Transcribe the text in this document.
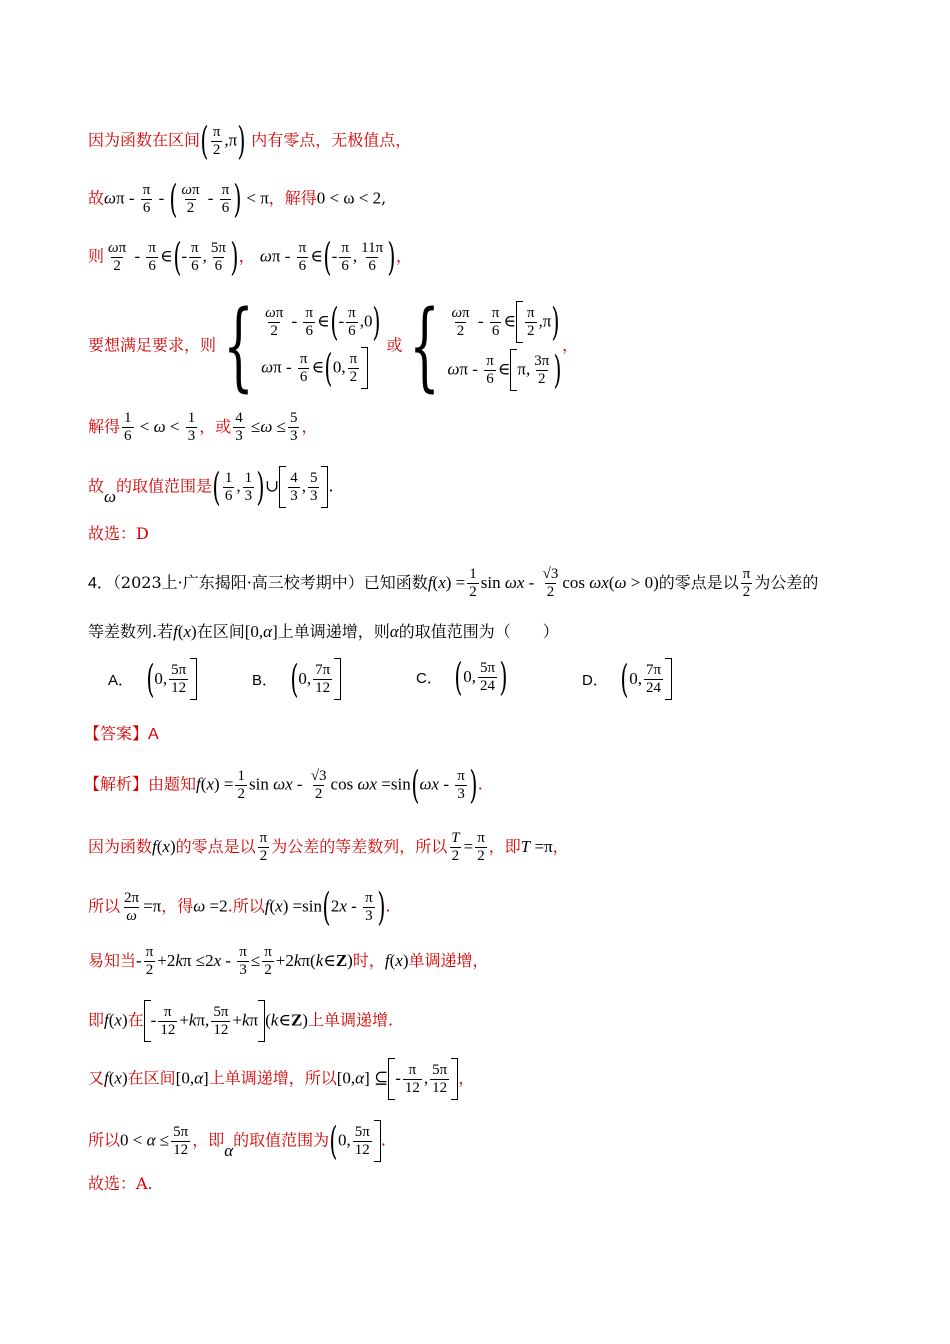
因为函数在区间( $\frac{\pi}{2} ,\pi$) 内有零点，无极值点，
故ωπ - $\frac{\pi}{6}$ - ( $\frac{\omega\pi}{2} - \frac{\pi}{6}$ ) < π，解得0 < ω < 2,
则 $\frac{\omega\pi}{2} - \frac{\pi}{6}$ ∈(- $\frac{\pi}{6}$ , $\frac{5\pi}{6}$ )， ωπ - $\frac{\pi}{6}$ ∈(- $\frac{\pi}{6}$ , $\frac{11\pi}{6}$ )，
要想满足要求，则{ $\frac{\omega\pi}{2} - \frac{\pi}{6}$ ∈(- $\frac{\pi}{6} ,0$)
ωπ - $\frac{\pi}{6}$ ∈(0, $\frac{\pi}{2}$
或{ $\frac{\omega\pi}{2} - \frac{\pi}{6}$ ∈ $\frac{\pi}{2} ,\pi$)
ωπ - $\frac{\pi}{6}$ ∈ π, $\frac{3\pi}{2}$ )
，
解得 $\frac{1}{6} < \omega < \frac{1}{3}$ ，或 $\frac{4}{3} \le\omega \le \frac{5}{3}$ ，
故ω的取值范围是( $\frac{1}{6}$ , $\frac{1}{3}$ )∪ $\frac{4}{3}$ , $\frac{5}{3}$ .
故选：D
4．（2023上·广东揭阳·高三校考期中）已知函数$f(x) = \frac{1}{2}$ sin ωx - $\frac{√3}{2}$ cos ωx(ω > 0)的零点是以 $\frac{\pi}{2}$ 为公差的
等差数列.若f(x)在区间[0,α]上单调递增，则α的取值范围为（　　）
A．
( 0, $\frac{5\pi}{12}$	B．
( 0, $\frac{7\pi}{12}$	C．
( 0, $\frac{5\pi}{24}$ )	D．
( 0, $\frac{7\pi}{24}$
【答案】A
【解析】由题知$f(x) = \frac{1}{2}$ sin ωx - $\frac{√3}{2}$ $\cos \omega x =\sin(\omega x - \frac{\pi}{3}$ ).
因为函数f(x)的零点是以 $\frac{\pi}{2}$ 为公差的等差数列，所以 $\frac{T}{2} = \frac{\pi}{2}$ ，即T =π，
所以 $\frac{2\pi}{\omega} =\pi$，得ω =2.所以$f(x) =\sin(2x - \frac{\pi}{3}$ ).
易知当- $\frac{\pi}{2} +2k\pi \le 2x - \frac{\pi}{3} \le \frac{\pi}{2}$ +2kπ(k∈Z)时，f(x)单调递增，
即f(x)在 - $\frac{\pi}{12} +k\pi$, $\frac{5\pi}{12} +k\pi$ (k∈Z)上单调递增.
又f(x)在区间[0,α]上单调递增，所以[0,α] ⊆ - $\frac{\pi}{12}$ , $\frac{5\pi}{12}$ ，
所以$0 < \alpha \le \frac{5\pi}{12}$ ，即α的取值范围为(0, $\frac{5\pi}{12}$ .
故选：A.
